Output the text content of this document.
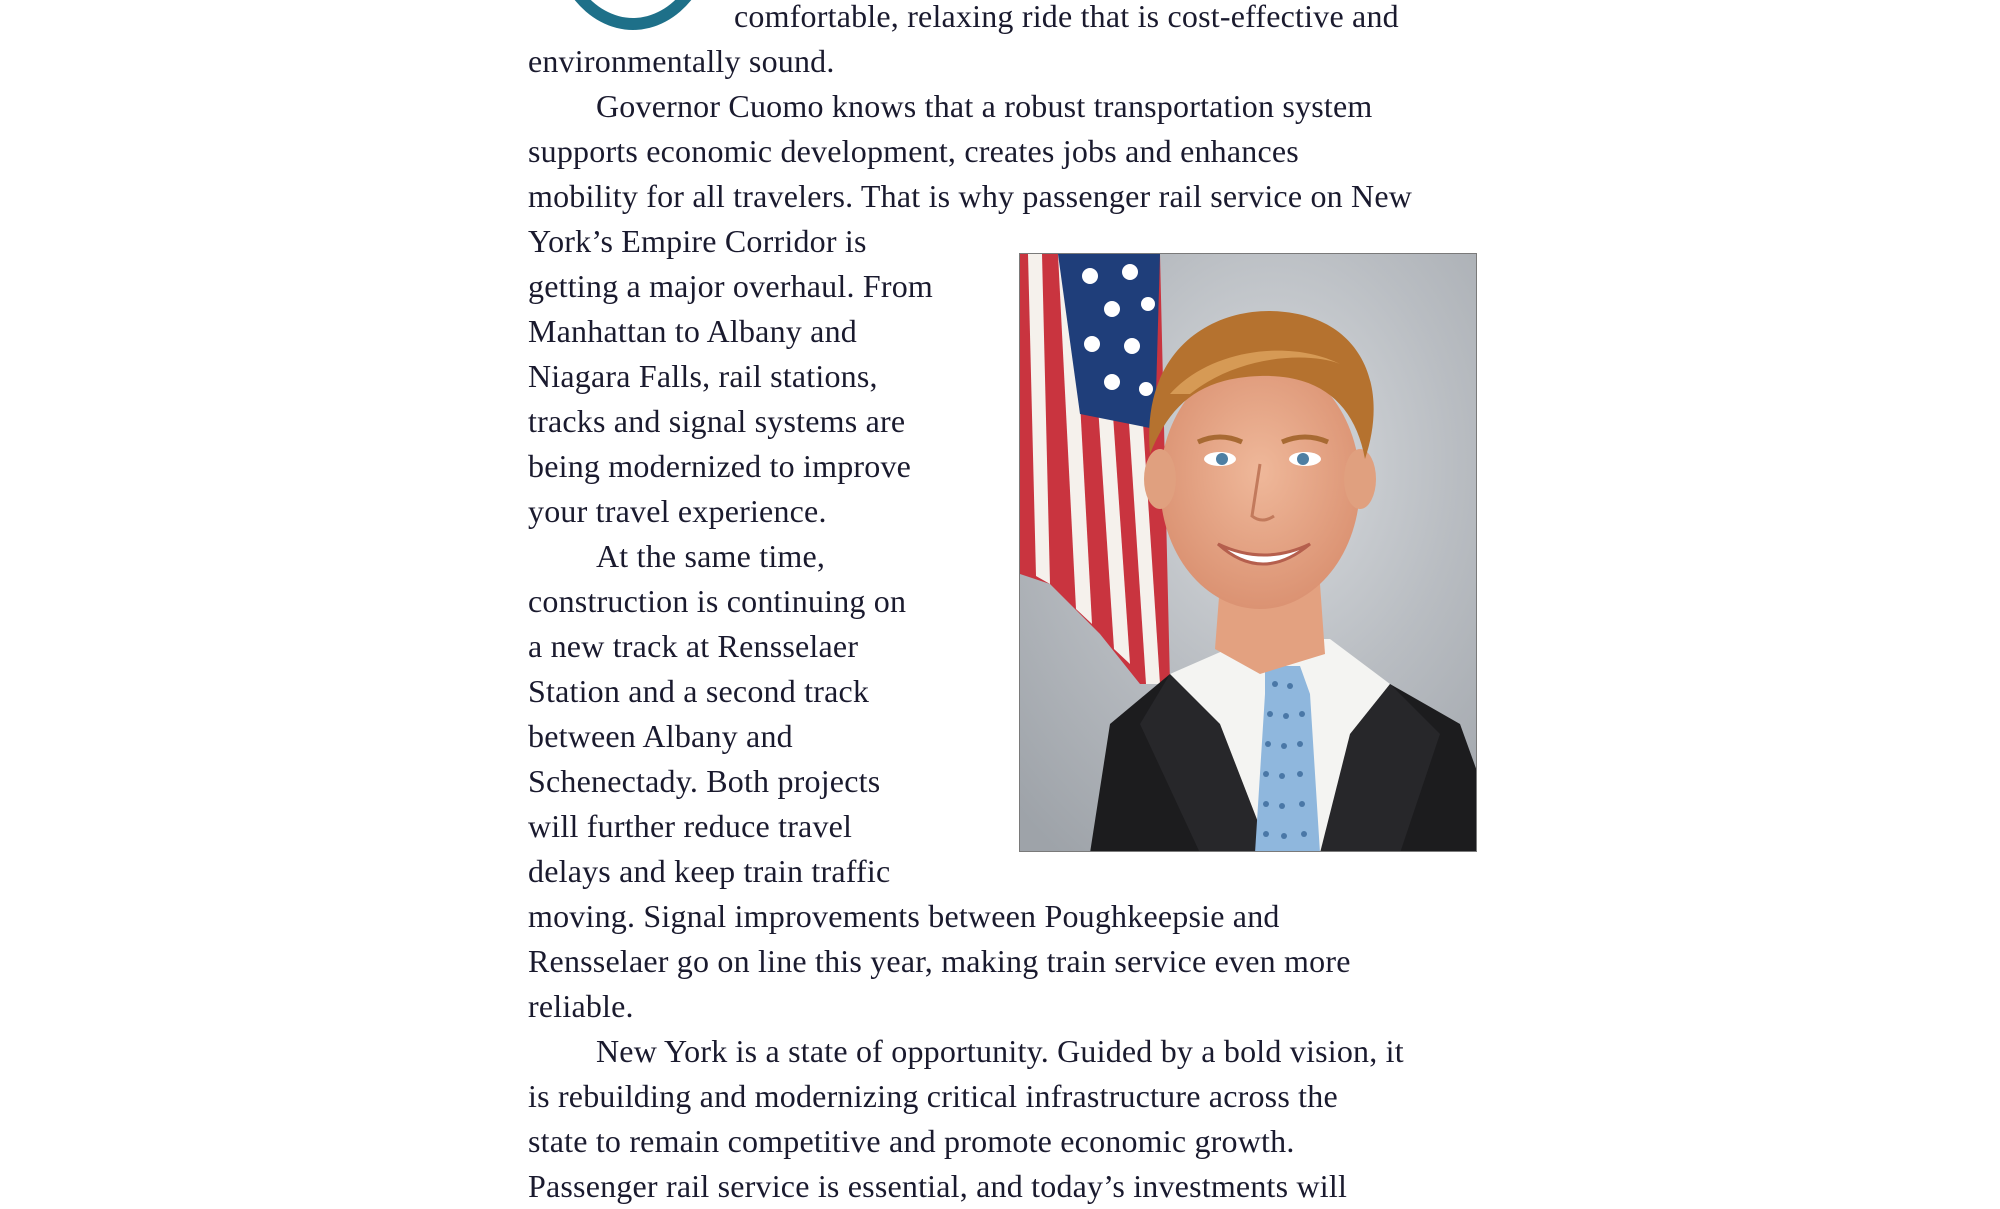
comfortable, relaxing ride that is cost-effective and
environmentally sound.
Governor Cuomo knows that a robust transportation system
supports economic development, creates jobs and enhances
mobility for all travelers. That is why passenger rail service on New
York’s Empire Corridor is
getting a major overhaul. From
Manhattan to Albany and
Niagara Falls, rail stations,
tracks and signal systems are
being modernized to improve
your travel experience.
At the same time,
construction is continuing on
a new track at Rensselaer
Station and a second track
between Albany and
Schenectady. Both projects
will further reduce travel
delays and keep train traffic
moving. Signal improvements between Poughkeepsie and
Rensselaer go on line this year, making train service even more
reliable.
New York is a state of opportunity. Guided by a bold vision, it
is rebuilding and modernizing critical infrastructure across the
state to remain competitive and promote economic growth.
Passenger rail service is essential, and today’s investments will
